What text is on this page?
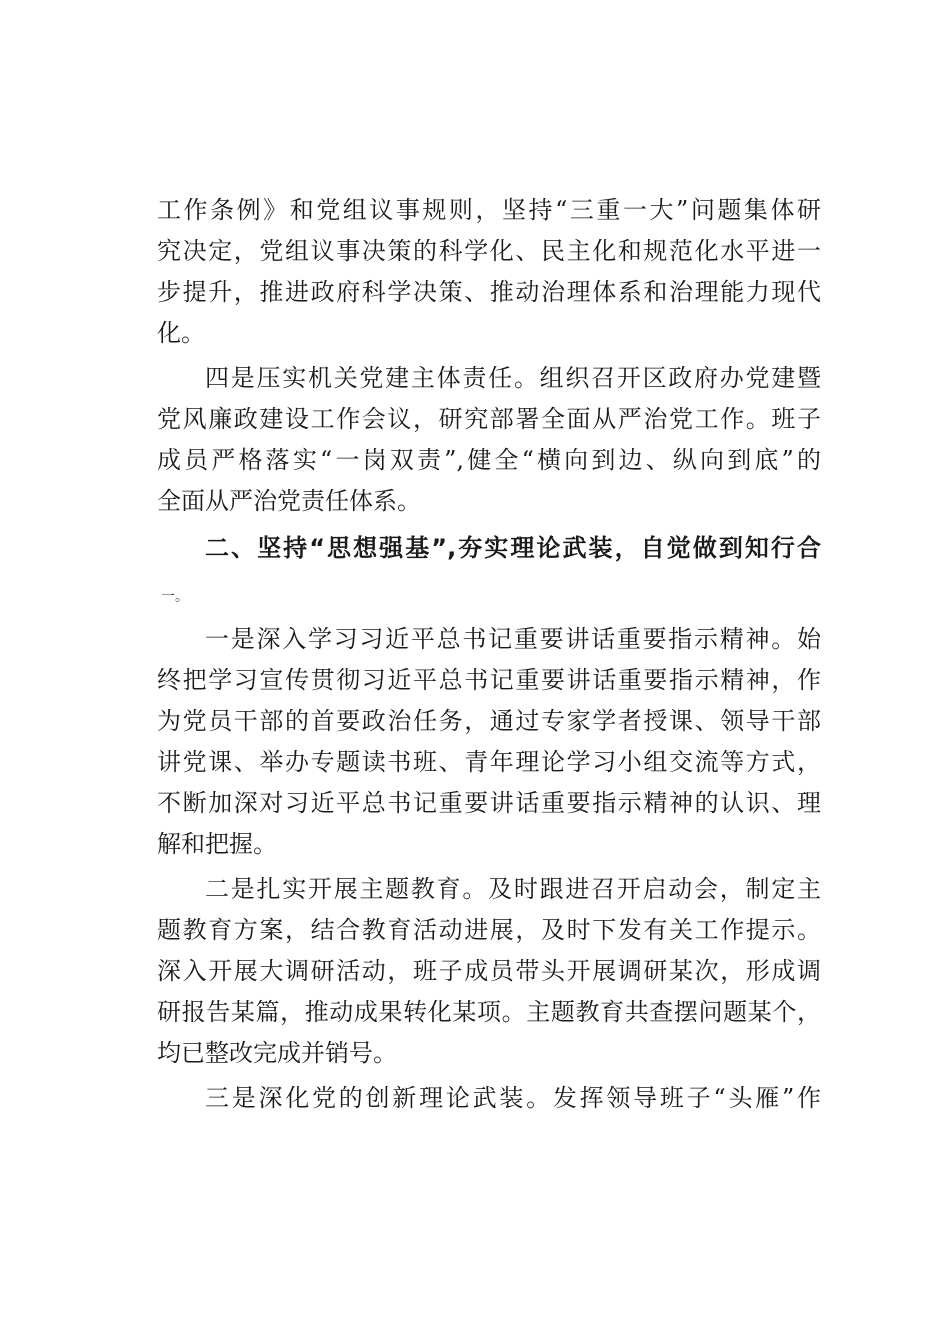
工作条例》和党组议事规则，坚持“三重一大”问题集体研
究决定，党组议事决策的科学化、民主化和规范化水平进一
步提升，推进政府科学决策、推动治理体系和治理能力现代
化。
四是压实机关党建主体责任。组织召开区政府办党建暨
党风廉政建设工作会议，研究部署全面从严治党工作。班子
成员严格落实“一岗双责”,健全“横向到边、纵向到底”的
全面从严治党责任体系。
二、坚持“思想强基”,夯实理论武装，自觉做到知行合
一。
一是深入学习习近平总书记重要讲话重要指示精神。始
终把学习宣传贯彻习近平总书记重要讲话重要指示精神，作
为党员干部的首要政治任务，通过专家学者授课、领导干部
讲党课、举办专题读书班、青年理论学习小组交流等方式，
不断加深对习近平总书记重要讲话重要指示精神的认识、理
解和把握。
二是扎实开展主题教育。及时跟进召开启动会，制定主
题教育方案，结合教育活动进展，及时下发有关工作提示。
深入开展大调研活动，班子成员带头开展调研某次，形成调
研报告某篇，推动成果转化某项。主题教育共查摆问题某个，
均已整改完成并销号。
三是深化党的创新理论武装。发挥领导班子“头雁”作
